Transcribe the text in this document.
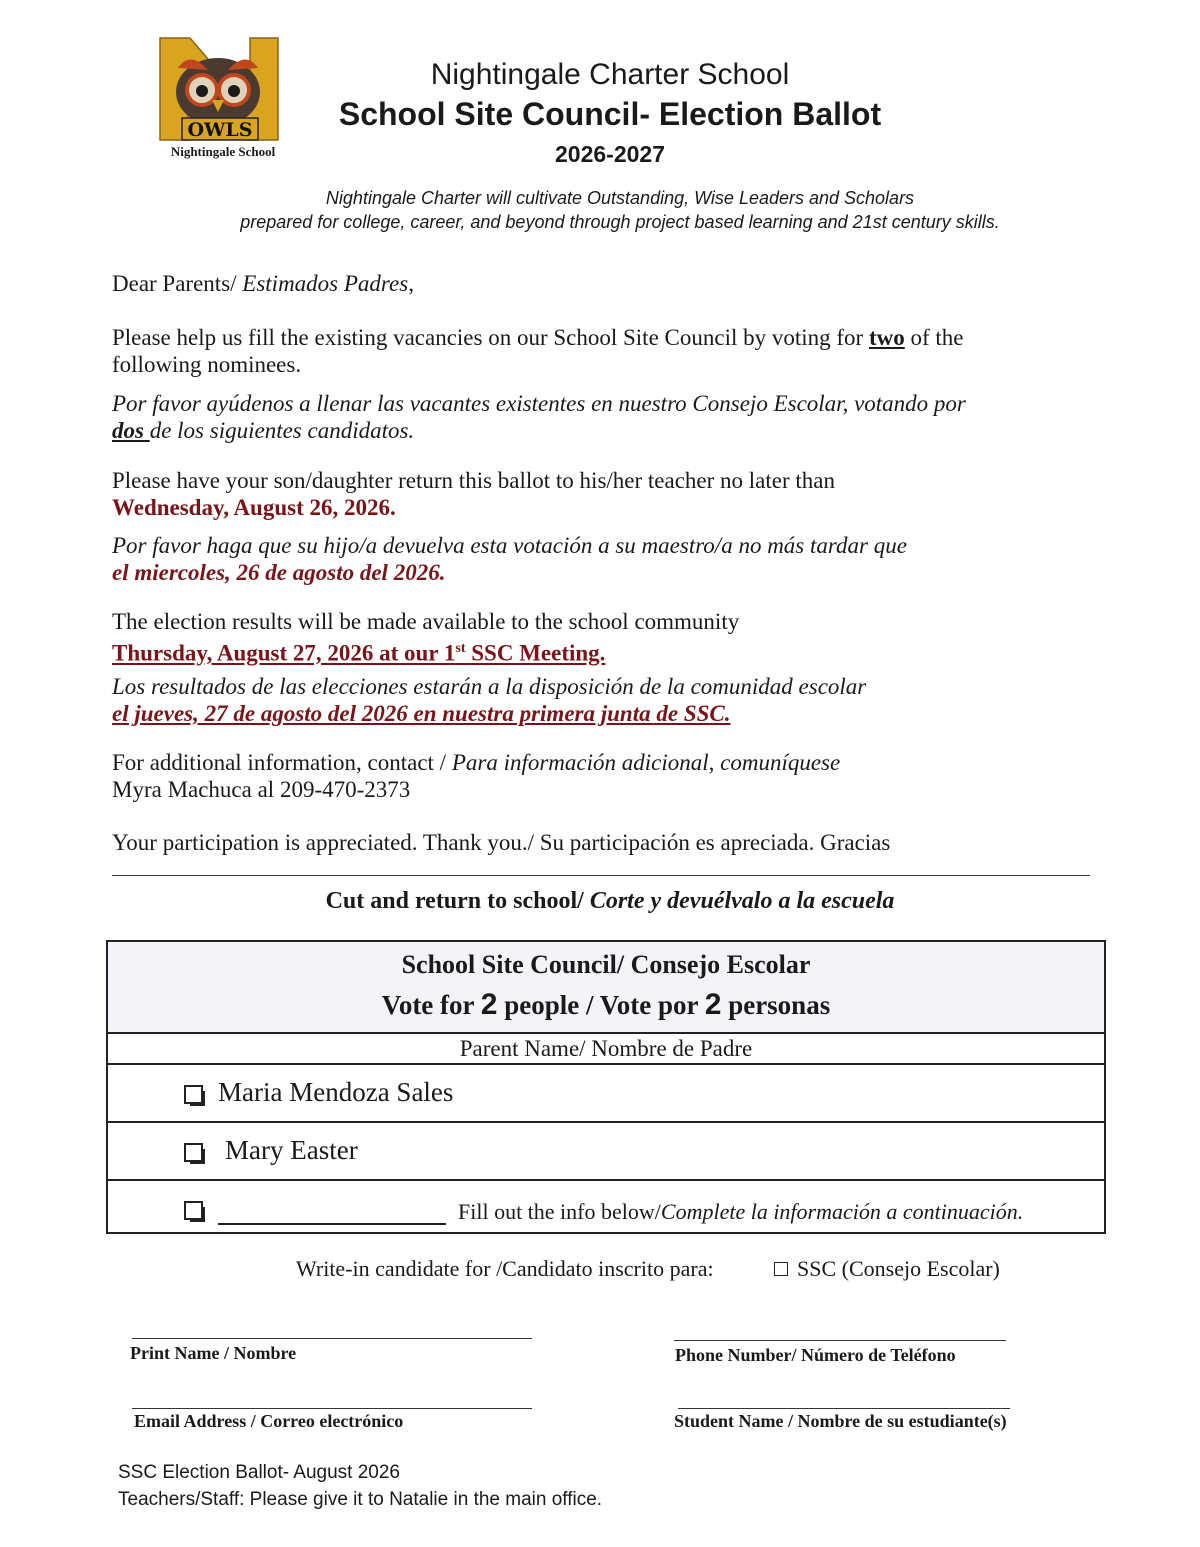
OWLS
Nightingale School
Nightingale Charter School
School Site Council- Election Ballot
2026-2027
Nightingale Charter will cultivate Outstanding, Wise Leaders and Scholars
prepared for college, career, and beyond through project based learning and 21st century skills.
Dear Parents/ Estimados Padres,
Please help us fill the existing vacancies on our School Site Council by voting for two of the
following nominees.
Por favor ayúdenos a llenar las vacantes existentes en nuestro Consejo Escolar, votando por
dos de los siguientes candidatos.
Please have your son/daughter return this ballot to his/her teacher no later than
Wednesday, August 26, 2026.
Por favor haga que su hijo/a devuelva esta votación a su maestro/a no más tardar que
el miercoles, 26 de agosto del 2026.
The election results will be made available to the school community
Thursday, August 27, 2026 at our 1st SSC Meeting.
Los resultados de las elecciones estarán a la disposición de la comunidad escolar
el jueves, 27 de agosto del 2026 en nuestra primera junta de SSC.
For additional information, contact / Para información adicional, comuníquese
Myra Machuca al 209-470-2373
Your participation is appreciated. Thank you./ Su participación es apreciada. Gracias
Cut and return to school/ Corte y devuélvalo a la escuela
School Site Council/ Consejo Escolar
Vote for 2 people / Vote por 2 personas
Parent Name/ Nombre de Padre
Maria Mendoza Sales
Mary Easter
Fill out the info below/Complete la información a continuación.
Write-in candidate for /Candidato inscrito para:	SSC (Consejo Escolar)
Print Name / Nombre	Phone Number/ Número de Teléfono
Email Address / Correo electrónico	Student Name / Nombre de su estudiante(s)
SSC Election Ballot- August 2026
Teachers/Staff: Please give it to Natalie in the main office.
